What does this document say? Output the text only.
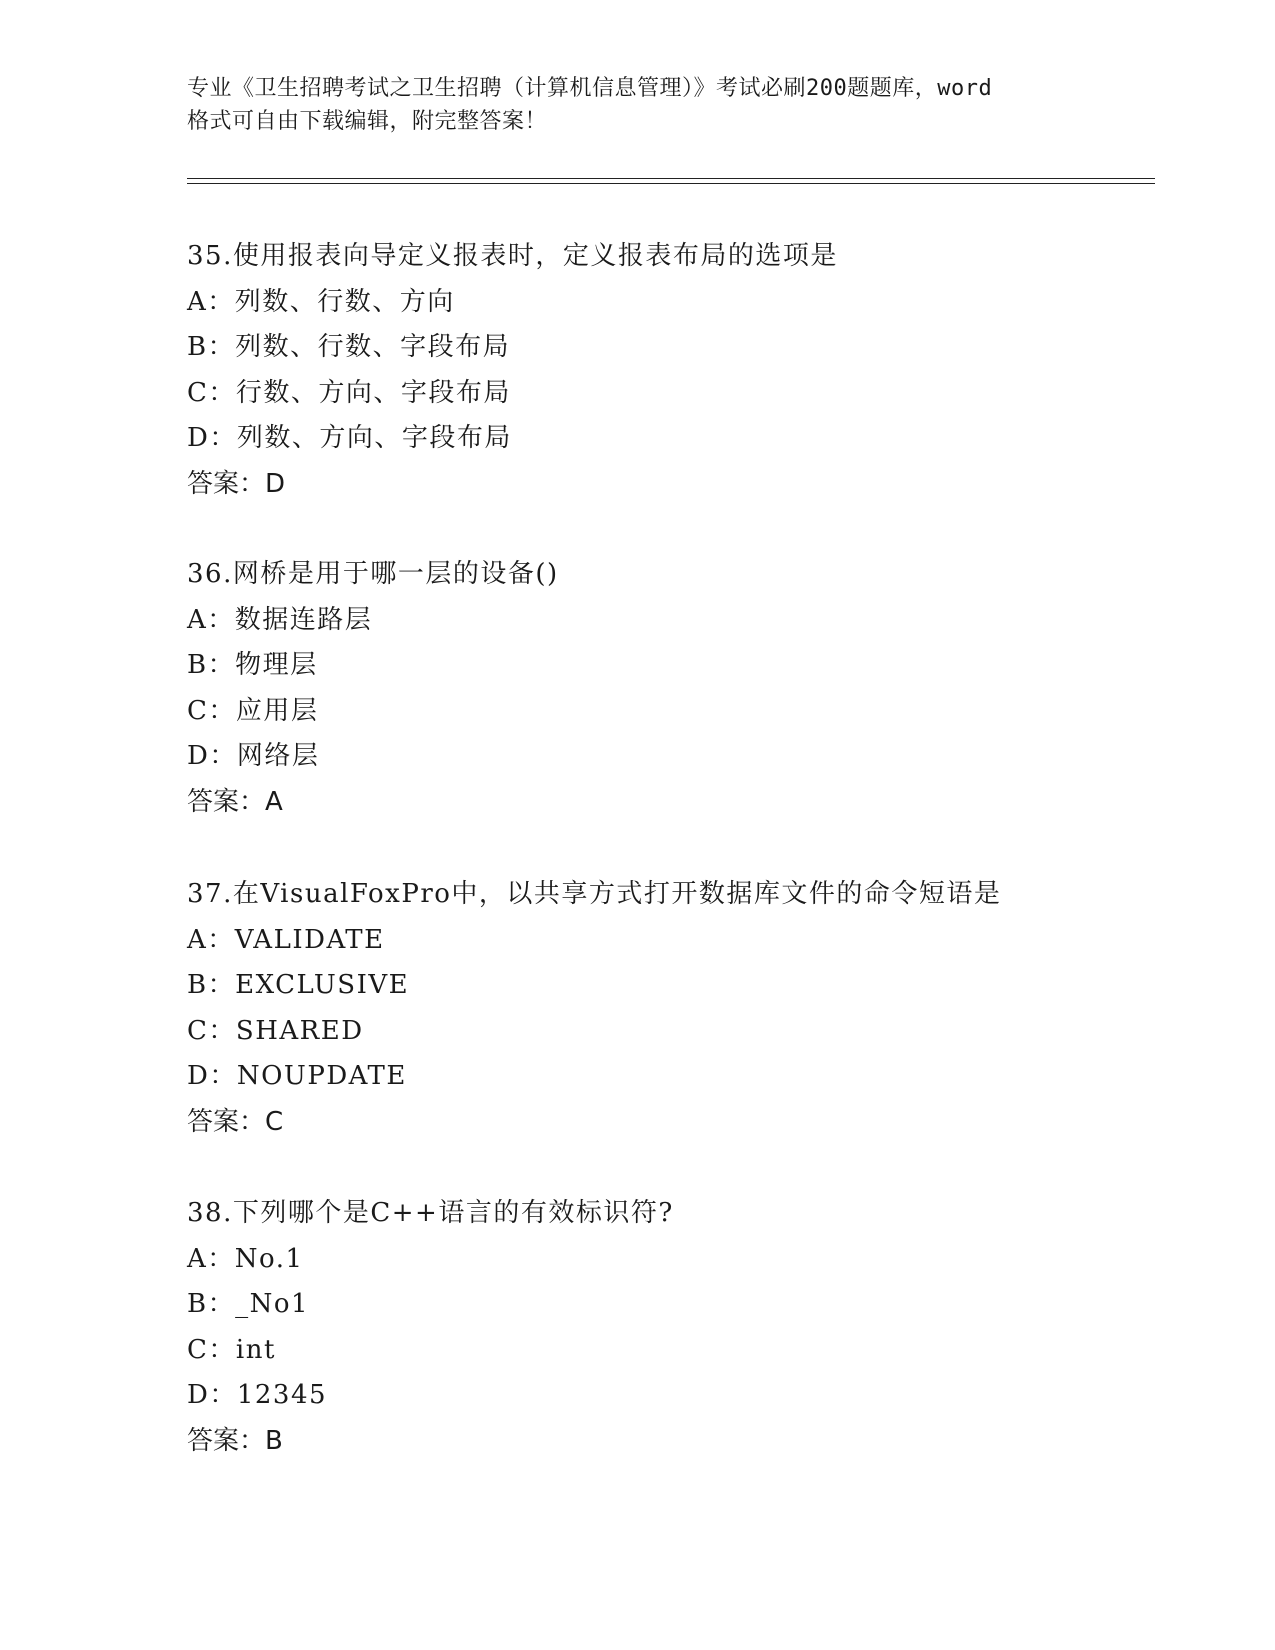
专业《卫生招聘考试之卫生招聘（计算机信息管理）》考试必刷200题题库，word
格式可自由下载编辑，附完整答案！
35.使用报表向导定义报表时，定义报表布局的选项是
A：列数、行数、方向
B：列数、行数、字段布局
C：行数、方向、字段布局
D：列数、方向、字段布局
答案：D
36.网桥是用于哪一层的设备()
A：数据连路层
B：物理层
C：应用层
D：网络层
答案：A
37.在VisualFoxPro中，以共享方式打开数据库文件的命令短语是
A：VALIDATE
B：EXCLUSIVE
C：SHARED
D：NOUPDATE
答案：C
38.下列哪个是C++语言的有效标识符?
A：No.1
B：_No1
C：int
D：12345
答案：B
